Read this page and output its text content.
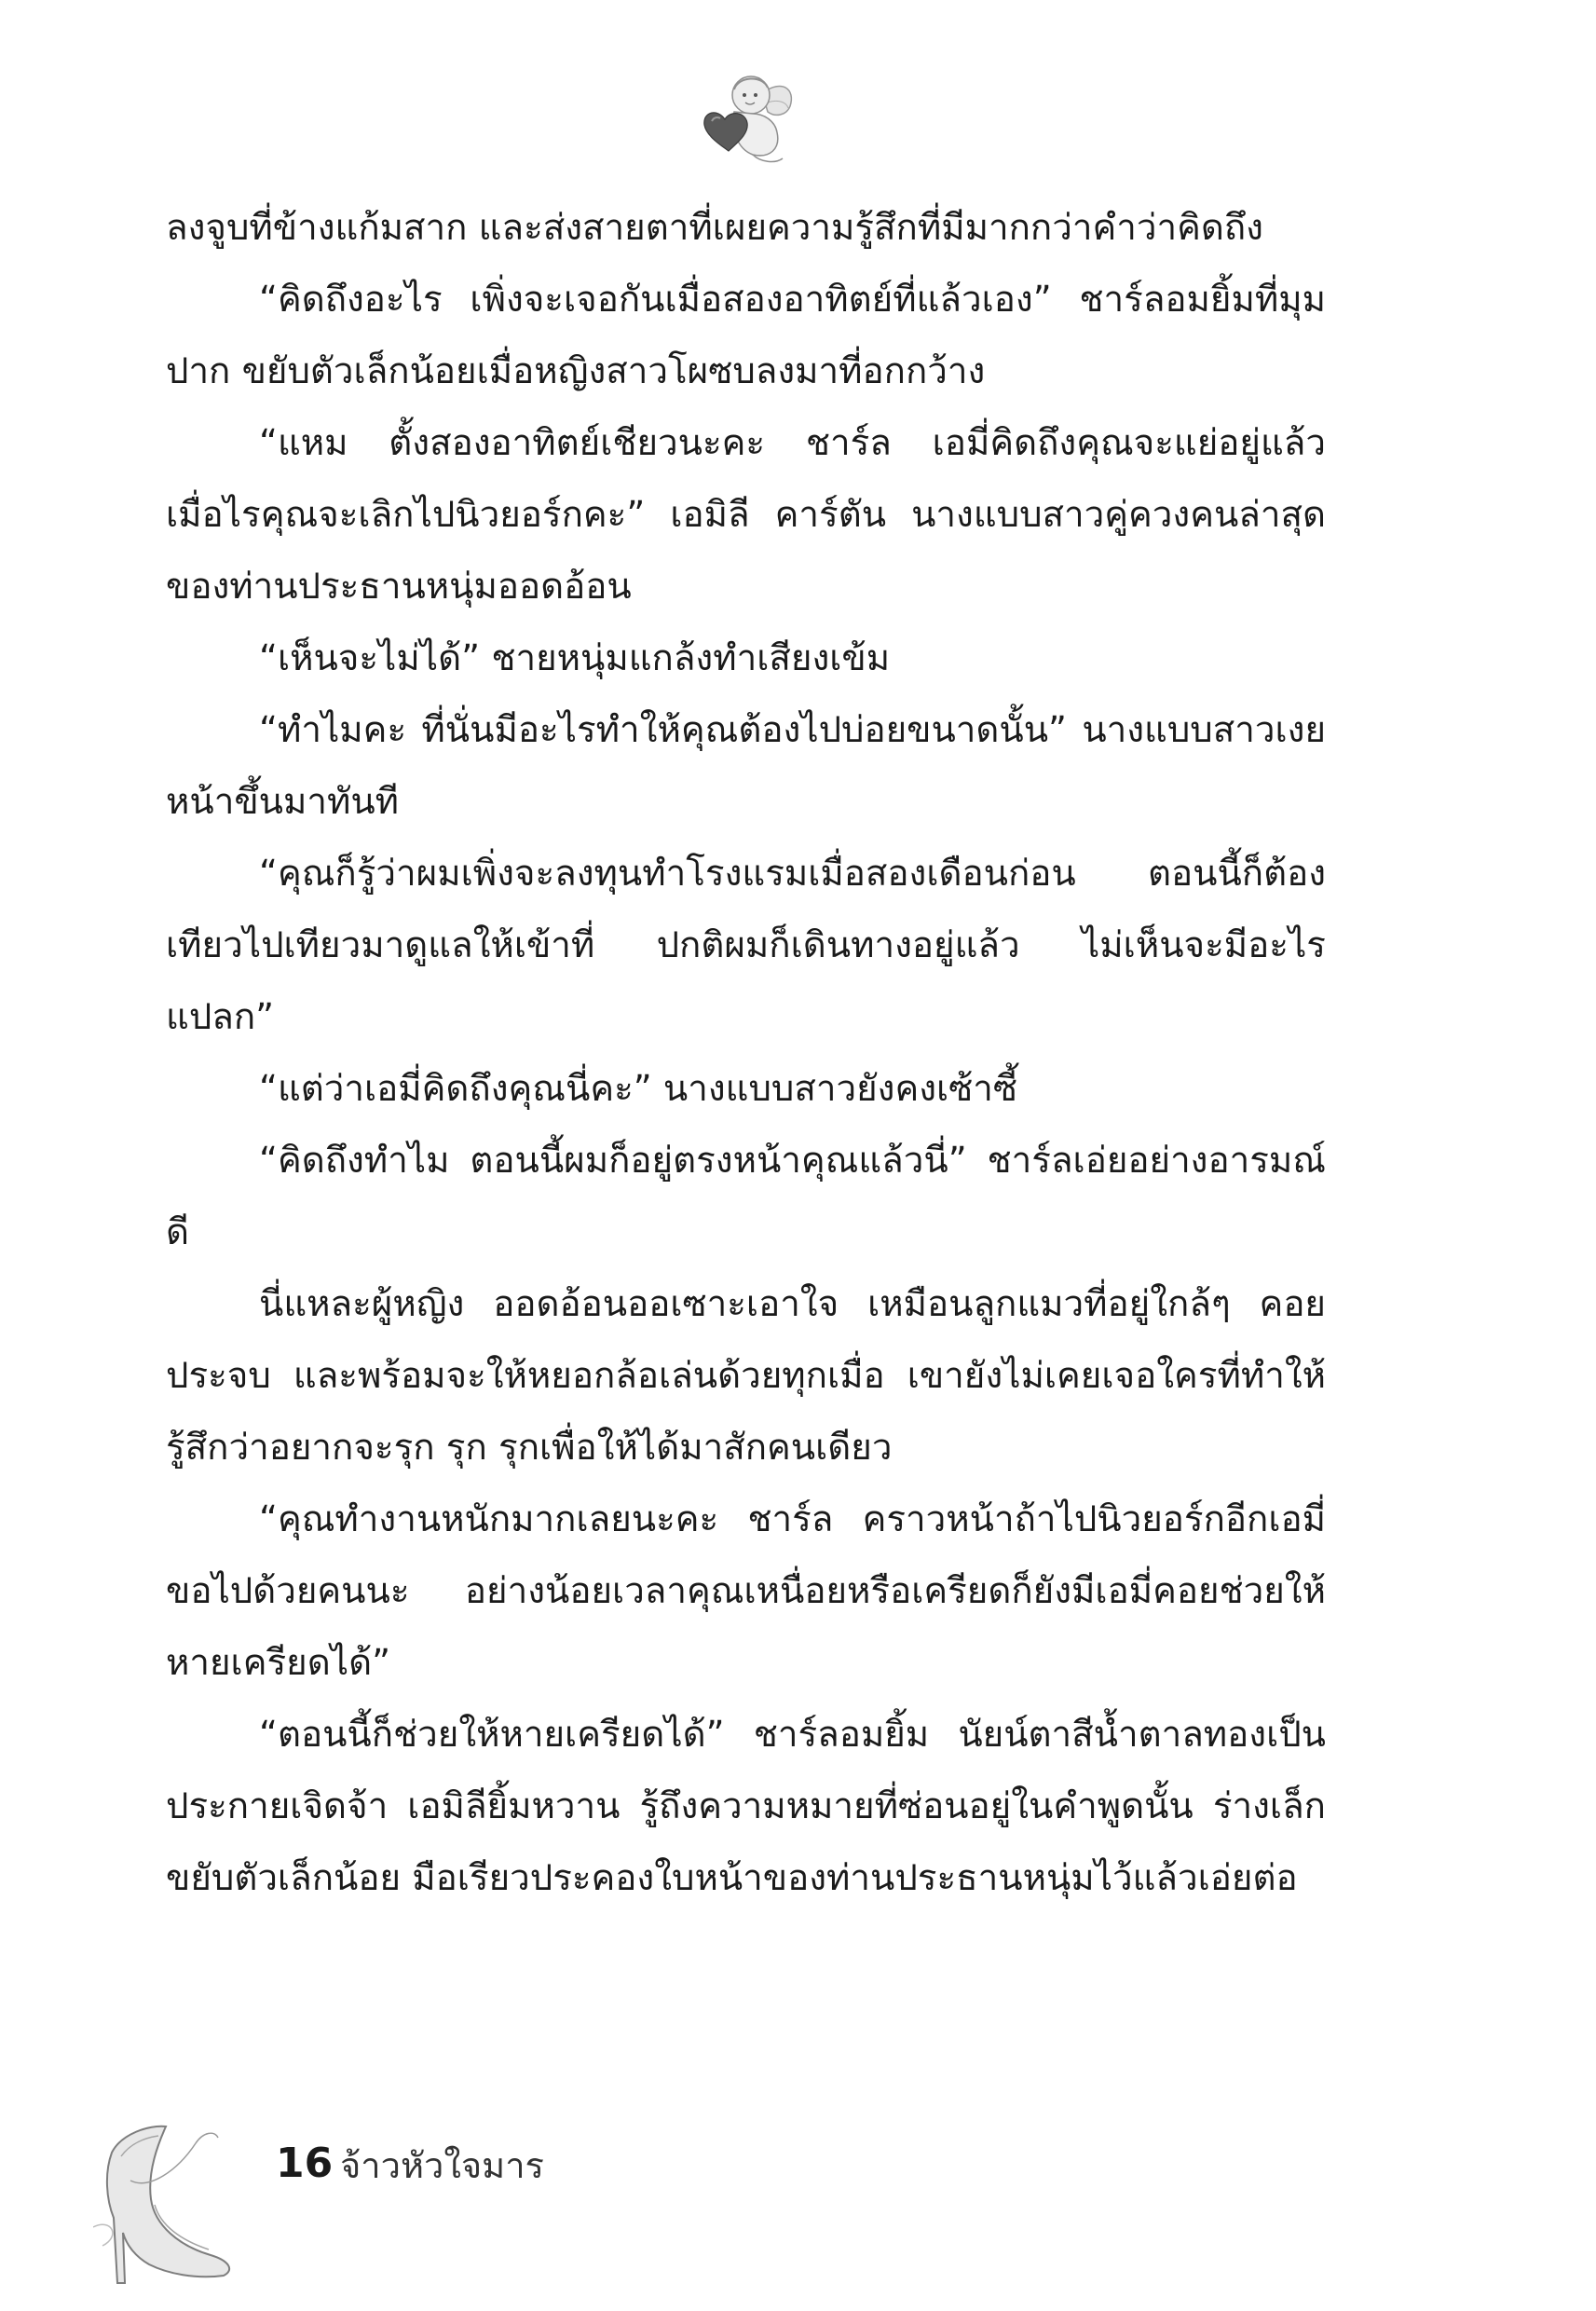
ลงจูบที่ข้างแก้มสาก และส่งสายตาที่เผยความรู้สึกที่มีมากกว่าคำว่าคิดถึง

“คิดถึงอะไร เพิ่งจะเจอกันเมื่อสองอาทิตย์ที่แล้วเอง” ชาร์ลอมยิ้มที่มุมปาก ขยับตัวเล็กน้อยเมื่อหญิงสาวโผซบลงมาที่อกกว้าง

“แหม ตั้งสองอาทิตย์เชียวนะคะ ชาร์ล เอมี่คิดถึงคุณจะแย่อยู่แล้ว เมื่อไรคุณจะเลิกไปนิวยอร์กคะ” เอมิลี คาร์ตัน นางแบบสาวคู่ควงคนล่าสุดของท่านประธานหนุ่มออดอ้อน

“เห็นจะไม่ได้” ชายหนุ่มแกล้งทำเสียงเข้ม

“ทำไมคะ ที่นั่นมีอะไรทำให้คุณต้องไปบ่อยขนาดนั้น” นางแบบสาวเงยหน้าขึ้นมาทันที

“คุณก็รู้ว่าผมเพิ่งจะลงทุนทำโรงแรมเมื่อสองเดือนก่อน ตอนนี้ก็ต้องเทียวไปเทียวมาดูแลให้เข้าที่ ปกติผมก็เดินทางอยู่แล้ว ไม่เห็นจะมีอะไรแปลก”

“แต่ว่าเอมี่คิดถึงคุณนี่คะ” นางแบบสาวยังคงเซ้าซี้

“คิดถึงทำไม ตอนนี้ผมก็อยู่ตรงหน้าคุณแล้วนี่” ชาร์ลเอ่ยอย่างอารมณ์ดี

นี่แหละผู้หญิง ออดอ้อนออเซาะเอาใจ เหมือนลูกแมวที่อยู่ใกล้ๆ คอยประจบ และพร้อมจะให้หยอกล้อเล่นด้วยทุกเมื่อ เขายังไม่เคยเจอใครที่ทำให้รู้สึกว่าอยากจะรุก รุก รุกเพื่อให้ได้มาสักคนเดียว

“คุณทำงานหนักมากเลยนะคะ ชาร์ล คราวหน้าถ้าไปนิวยอร์กอีกเอมี่ขอไปด้วยคนนะ อย่างน้อยเวลาคุณเหนื่อยหรือเครียดก็ยังมีเอมี่คอยช่วยให้หายเครียดได้”

“ตอนนี้ก็ช่วยให้หายเครียดได้” ชาร์ลอมยิ้ม นัยน์ตาสีน้ำตาลทองเป็นประกายเจิดจ้า เอมิลียิ้มหวาน รู้ถึงความหมายที่ซ่อนอยู่ในคำพูดนั้น ร่างเล็กขยับตัวเล็กน้อย มือเรียวประคองใบหน้าของท่านประธานหนุ่มไว้แล้วเอ่ยต่อ

16 จ้าวหัวใจมาร
